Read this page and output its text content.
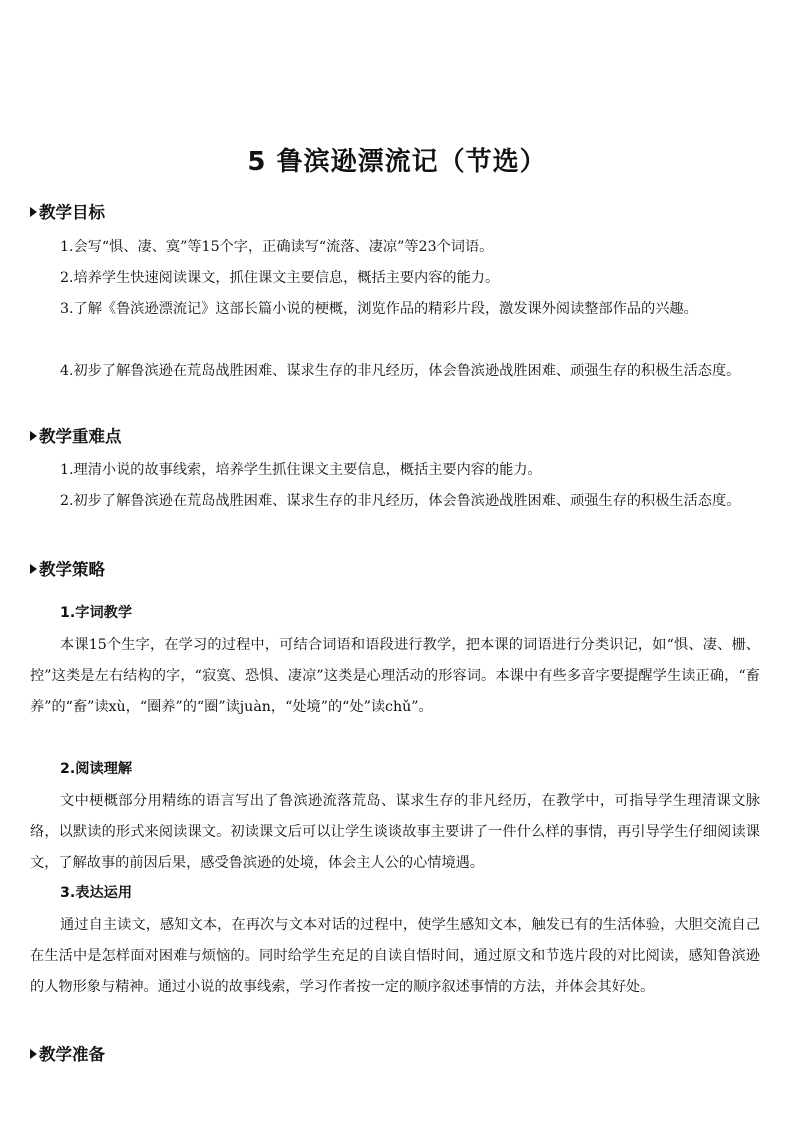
5 鲁滨逊漂流记（节选）
教学目标
1.会写“惧、凄、寞”等15个字，正确读写“流落、凄凉”等23个词语。
2.培养学生快速阅读课文，抓住课文主要信息，概括主要内容的能力。
3.了解《鲁滨逊漂流记》这部长篇小说的梗概，浏览作品的精彩片段，激发课外阅读整部作品的兴趣。
4.初步了解鲁滨逊在荒岛战胜困难、谋求生存的非凡经历，体会鲁滨逊战胜困难、顽强生存的积极生活态度。
教学重难点
1.理清小说的故事线索，培养学生抓住课文主要信息，概括主要内容的能力。
2.初步了解鲁滨逊在荒岛战胜困难、谋求生存的非凡经历，体会鲁滨逊战胜困难、顽强生存的积极生活态度。
教学策略
1.字词教学
本课15个生字，在学习的过程中，可结合词语和语段进行教学，把本课的词语进行分类识记，如“惧、凄、栅、控”这类是左右结构的字，“寂寞、恐惧、凄凉”这类是心理活动的形容词。本课中有些多音字要提醒学生读正确，“畜养”的“畜”读xù，“圈养”的“圈”读juàn，“处境”的“处”读chǔ”。
2.阅读理解
文中梗概部分用精练的语言写出了鲁滨逊流落荒岛、谋求生存的非凡经历，在教学中，可指导学生理清课文脉络，以默读的形式来阅读课文。初读课文后可以让学生谈谈故事主要讲了一件什么样的事情，再引导学生仔细阅读课文，了解故事的前因后果，感受鲁滨逊的处境，体会主人公的心情境遇。
3.表达运用
通过自主读文，感知文本，在再次与文本对话的过程中，使学生感知文本，触发已有的生活体验，大胆交流自己在生活中是怎样面对困难与烦恼的。同时给学生充足的自读自悟时间，通过原文和节选片段的对比阅读，感知鲁滨逊的人物形象与精神。通过小说的故事线索，学习作者按一定的顺序叙述事情的方法，并体会其好处。
教学准备
